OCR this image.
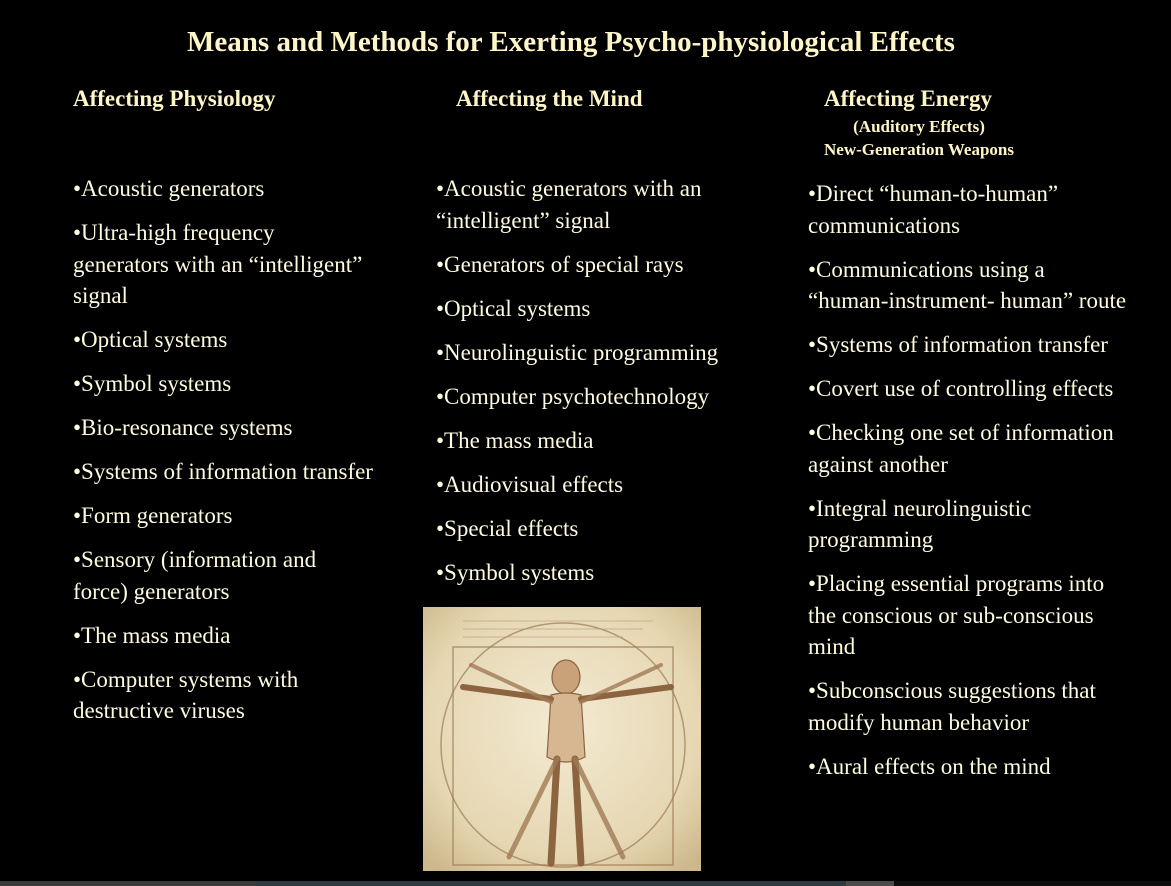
Means and Methods for Exerting Psycho-physiological Effects
Affecting Physiology
•Acoustic generators
•Ultra-high frequency generators with an “intelligent” signal
•Optical systems
•Symbol systems
•Bio-resonance systems
•Systems of information transfer
•Form generators
•Sensory (information and force) generators
•The mass media
•Computer systems with destructive viruses
Affecting the Mind
•Acoustic generators with an “intelligent” signal
•Generators of special rays
•Optical systems
•Neurolinguistic programming
•Computer psychotechnology
•The mass media
•Audiovisual effects
•Special effects
•Symbol systems
Affecting Energy
(Auditory Effects)
New-Generation Weapons
•Direct “human-to-human” communications
•Communications using a “human-instrument- human” route
•Systems of information transfer
•Covert use of controlling effects
•Checking one set of information against another
•Integral neurolinguistic programming
•Placing essential programs into the conscious or sub-conscious mind
•Subconscious suggestions that modify human behavior
•Aural effects on the mind
